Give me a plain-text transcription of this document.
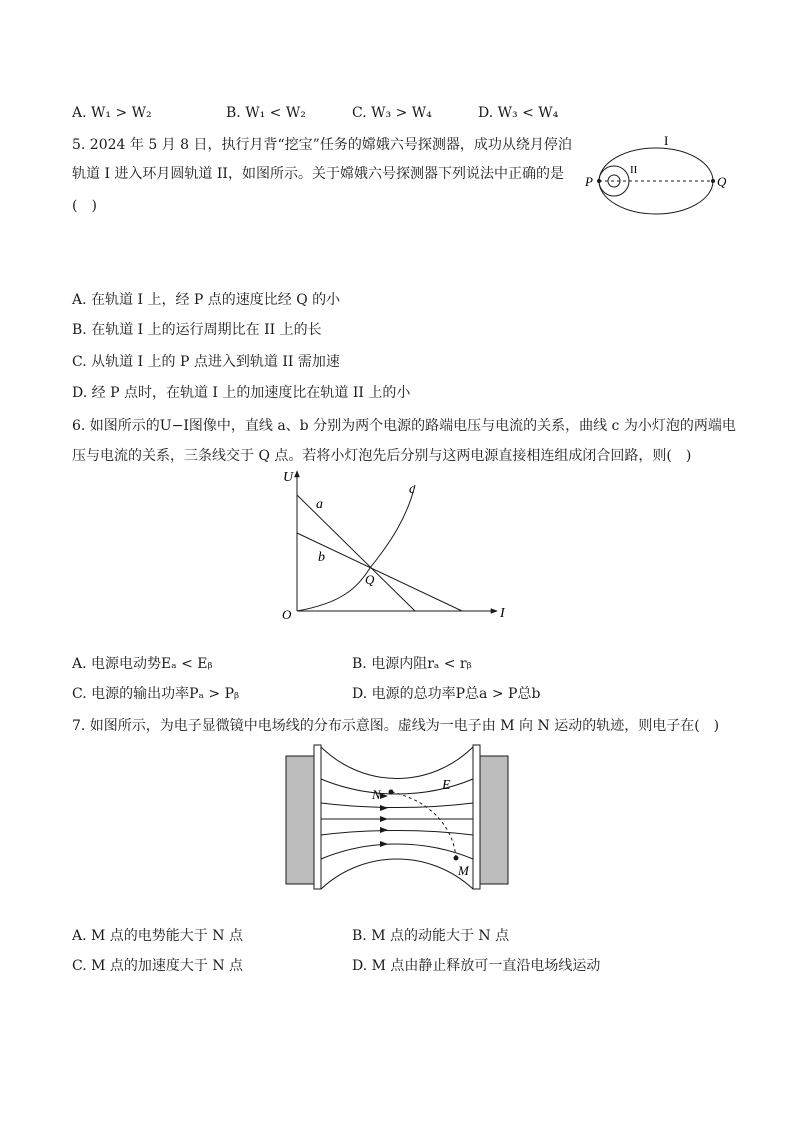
A. W₁ > W₂	B. W₁ < W₂	C. W₃ > W₄	D. W₃ < W₄
5. 2024 年 5 月 8 日，执行月背“挖宝”任务的嫦娥六号探测器，成功从绕月停泊
轨道 I 进入环月圆轨道 II，如图所示。关于嫦娥六号探测器下列说法中正确的是
(　)
I
II
P	Q
A. 在轨道 I 上，经 P 点的速度比经 Q 的小
B. 在轨道 I 上的运行周期比在 II 上的长
C. 从轨道 I 上的 P 点进入到轨道 II 需加速
D. 经 P 点时，在轨道 I 上的加速度比在轨道 II 上的小
6. 如图所示的U−I图像中，直线 a、b 分别为两个电源的路端电压与电流的关系，曲线 c 为小灯泡的两端电
压与电流的关系，三条线交于 Q 点。若将小灯泡先后分别与这两电源直接相连组成闭合回路，则(　)
U
I
O
a
b
c
Q
A. 电源电动势Eₐ < Eᵦ	B. 电源内阻rₐ < rᵦ
C. 电源的输出功率Pₐ > Pᵦ	D. 电源的总功率P总a > P总b
7. 如图所示，为电子显微镜中电场线的分布示意图。虚线为一电子由 M 向 N 运动的轨迹，则电子在(　)
E
N
M
A. M 点的电势能大于 N 点	B. M 点的动能大于 N 点
C. M 点的加速度大于 N 点	D. M 点由静止释放可一直沿电场线运动
